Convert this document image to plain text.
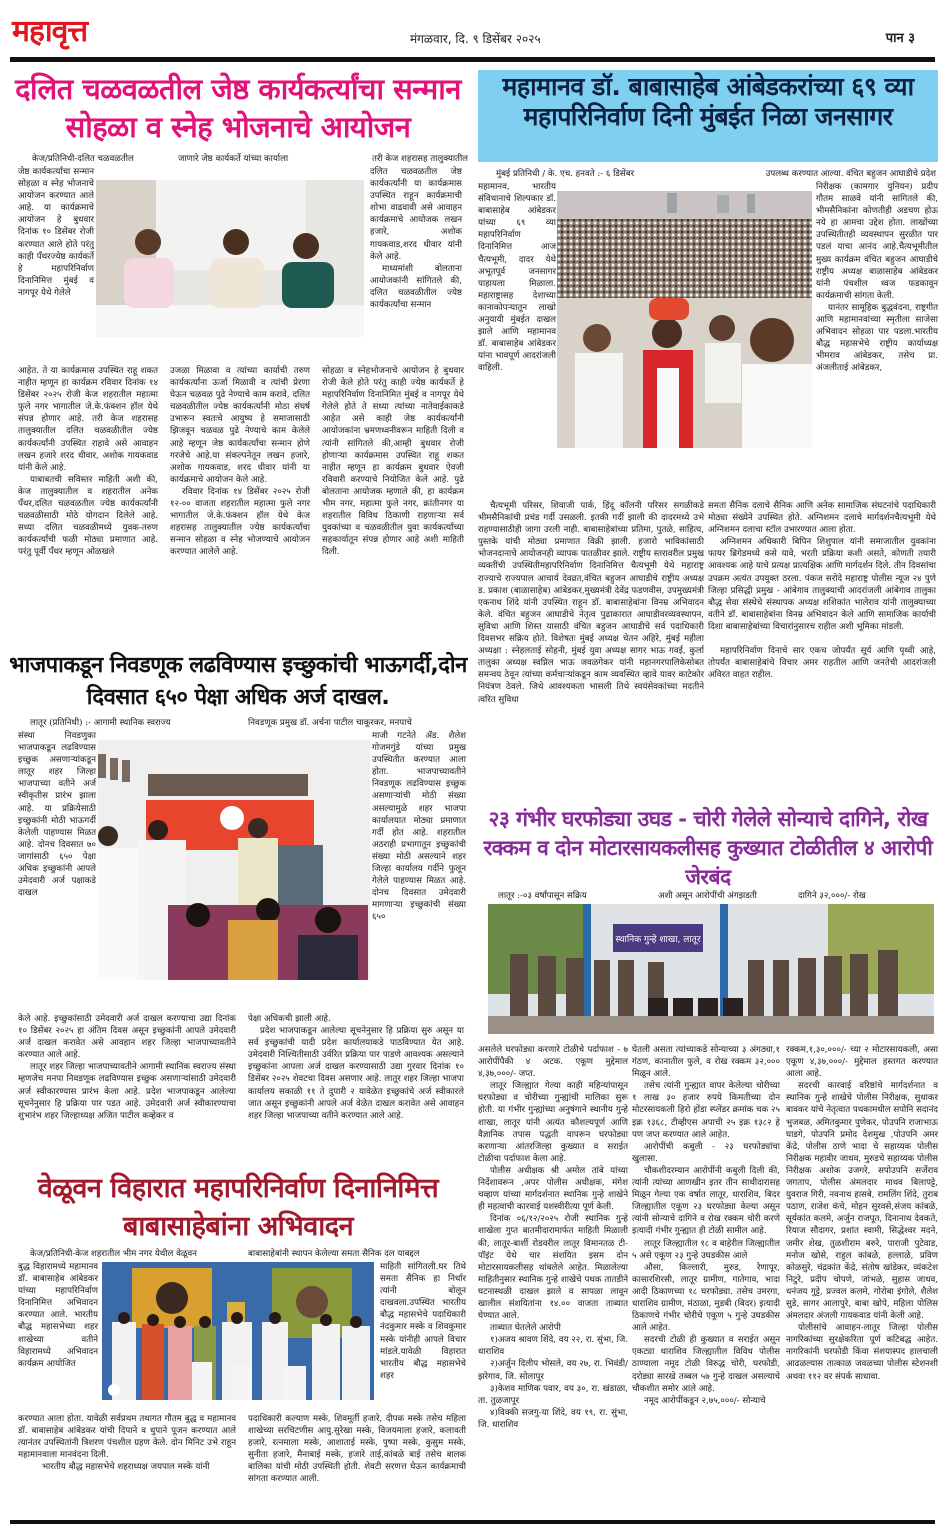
महावृत्त	मंगळवार, दि. ९ डिसेंबर २०२५	पान ३
दलित चळवळतील जेष्ठ कार्यकर्त्यांचा सन्मान सोहळा व स्नेह भोजनाचे आयोजन
केज/प्रतिनिधी-दलित चळवळतील	जाणारे जेष्ठ कार्यकर्ते यांच्या कार्याला	तरी केज शहरासह तालुक्यातील

जेष्ठ कार्यकर्त्यांचा सन्मान सोहळा व स्नेह भोजनाचे आयोजन करण्यात आले आहे. या कार्यक्रमाचे आयोजन हे बुधवार दिनांक १० डिसेंबर रोजी करण्यात आले होते परंतु काही पँथरज्येष्ठ कार्यकर्ते हे महापरिनिर्वाण दिनानिमित्त मुंबई व नागपूर येथे गेलेले

दलित चळवळतील जेष्ठ कार्यकर्त्यांनी या कार्यक्रमास उपस्थित राहून कार्यक्रमाची शोभा वाढवावी असे आवाहन कार्यक्रमाचे आयोजक लखन हजारे, अशोक गायकवाड,शरद धीवार यांनी केले आहे.

माध्यमांशी बोलताना आयोजकांनी सांगितले की, दलित चळवळीतील ज्येष्ठ कार्यकर्त्यांचा सन्मान

आहेत. ते या कार्यक्रमास उपस्थित राहू शकत नाहीत म्हणून हा कार्यक्रम रविवार दिनांक १४ डिसेंबर २०२५ रोजी केज शहरातील महात्मा फुले नगर भागातील जे.के.फंक्शन हॉल येथे संपन्न होणार आहे. तरी केज शहरासह तालुक्यातील दलित चळवळीतील ज्येष्ठ कार्यकर्त्यांनी उपस्थित राहावे असे आवाहन लखन हजारे शरद धीवार, अशोक गायकवाड यांनी केले आहे.

याबाबतची सविस्तर माहिती अशी की, केज तालुक्यातील व शहरातील अनेक पँथर,दलित चळवळतील ज्येष्ठ कार्यकर्त्यांनी चळवळीसाठी मोठे योगदान दिलेले आहे. सध्या दलित चळवळीमध्ये युवक-तरुण कार्यकर्त्यांची फळी मोठ्या प्रमाणात आहे. परंतु पूर्वी पँथर म्हणून ओळखले

उजळा मिळावा व त्यांच्या कार्याची तरुण कार्यकर्त्यांना ऊर्जा मिळावी व त्यांची प्रेरणा घेऊन चळवळ पुढे नेण्याचे काम करावे, दलित चळवळीतील ज्येष्ठ कार्यकर्त्यांनी मोठा संघर्ष उभारून स्वतःचे आयुष्य हे समाजासाठी झिजवून चळवळ पुढे नेण्याचे काम केलेले आहे म्हणून जेष्ठ कार्यकर्त्यांचा सन्मान होणे गरजेचे आहे.या संकल्पनेतून लखन हजारे, अशोक गायकवाड, शरद धीवार यांनी या कार्यक्रमाचे आयोजन केले आहे.

रविवार दिनांक १४ डिसेंबर २०२५ रोजी १२-०० वाजता शहरातील महात्मा फुले नगर भागातील जे.के.फंक्शन हॉल येथे केज शहरासह तालुक्यातील ज्येष्ठ कार्यकर्त्यांचा सन्मान सोहळा व स्नेह भोजण्याचे आयोजन करण्यात आलेले आहे.

सोहळा व स्नेहभोजनाचे आयोजन हे बुधवार रोजी केले होते परंतु काही ज्येष्ठ कार्यकर्ते हे महापरिनिर्वाण दिनानिमित मुंबई व नागपूर येथे गेलेले होते ते सध्या त्यांच्या नातेवाईकाकडे आहेत असे काही जेष्ठ कार्यकर्त्यांनी आयोजकांना भ्रमणध्वनीवरून माहिती दिली व त्यांनी सांगितले की,आम्ही बुधवार रोजी होणाऱ्या कार्यक्रमास उपस्थित राहू शकत नाहीत म्हणून हा कार्यक्रम बुधवार ऐवजी रविवारी करण्याचे नियोजित केले आहे. पुढे बोलताना आयोजक म्हणाले की, हा कार्यक्रम भीम नगर, महात्मा फुले नगर, क्रांतीनगर या शहरातील विविध ठिकाणी राहणाऱ्या सर्व युवकांच्या व चळवळीतील युवा कार्यकर्त्यांच्या सहकार्यातून संपन्न होणार आहे अशी माहिती दिली.

महामानव डॉ. बाबासाहेब आंबेडकरांच्या ६९ व्या महापरिनिर्वाण दिनी मुंबईत निळा जनसागर
मुंबई प्रतिनिधी / के. एच. हनवते :- ६ डिसेंबर	उपलब्ध करण्यात आल्या. वंचित बहुजन आघाडीचे प्रदेश

महामानव, भारतीय संविधानाचे शिल्पकार डॉ. बाबासाहेब आंबेडकर यांच्या ६९ व्या महापरिनिर्वाण दिनानिमित्त आज चैत्यभूमी, दादर येथे अभूतपूर्व जनसागर पाहायला मिळाला. महाराष्ट्रासह देशाच्या कानाकोपऱ्यातून लाखो अनुयायी मुंबईत दाखल झाले आणि महामानव डॉ. बाबासाहेब आंबेडकर यांना भावपूर्ण आदरांजली वाहिली.

निरीक्षक (कामगार युनियन) प्रदीप गौतम साळवे यांनी सांगितले की, भीमसैनिकांना कोणतीही अडचण होऊ नये हा आमचा उद्देश होता. लाखोंच्या उपस्थितीतही व्यवस्थापन सुरळीत पार पडलं याचा आनंद आहे.चैत्यभूमीतील मुख्य कार्यक्रम वंचित बहुजन आघाडीचे राष्ट्रीय अध्यक्ष बाळासाहेब आंबेडकर यांनी पंचशील ध्वज फडकावून कार्यक्रमाची सांगता केली.

यानंतर सामूहिक बुद्धवंदना, राष्ट्रगीत आणि महामानवांच्या स्मृतीला साजेसा अभिवादन सोहळा पार पडला.भारतीय बौद्ध महासभेचे राष्ट्रीय कार्याध्यक्ष भीमराव आंबेडकर, तसेच प्रा. अंजलीताई आंबेडकर,

चैत्यभूमी परिसर, शिवाजी पार्क, हिंदू कॉलनी परिसर सगळीकडे भीमसैनिकांची प्रचंड गर्दी उसळली. इतकी गर्दी झाली की दादरमध्ये उभे राहण्यासाठीही जागा उरली नाही. बाबासाहेबांच्या प्रतिमा, पुतळे, साहित्य, पुस्तके यांची मोठ्या प्रमाणात विक्री झाली. हजारो भाविकांसाठी भोजनदानाचे आयोजनही व्यापक पातळीवर झाले. राष्ट्रीय स्तरावरील प्रमुख व्यक्तींची उपस्थितीमहापरिनिर्वाण दिनानिमित्त चैत्यभूमी येथे महाराष्ट्र राज्याचे राज्यपाल आचार्य देवव्रत,वंचित बहुजन आघाडीचे राष्ट्रीय अध्यक्ष ड. प्रकाश (बाळासाहेब) आंबेडकर,मुख्यमंत्री देवेंद्र फडणवीस, उपमुख्यमंत्री एकनाथ शिंदे यांनी उपस्थित राहून डॉ. बाबासाहेबांना विनम्र अभिवादन केले. वंचित बहुजन आघाडीचे नेतृत्व पुढाकारात आघाडीवरव्यवस्थापन, सुविधा आणि शिस्त यासाठी वंचित बहुजन आघाडीचे सर्व पदाधिकारी दिवसभर सक्रिय होते. विशेषतः मुंबई अध्यक्ष चेतन अहिरे, मुंबई महीला अध्यक्षा : स्नेहलताई सोहनी, मुंबई युवा अध्यक्ष सागर भाऊ गवई, कुर्ला तालुका अध्यक्ष स्वप्निल भाऊ जवळगेकर यांनी महानगरपालिकेसोबत समन्वय ठेवून त्यांच्या कर्मचाऱ्यांकडून काम व्यवस्थित व्हावे यावर काटेकोर नियंत्रण ठेवले. जिथे आवश्यकता भासली तिथे स्वयंसेवकांच्या मदतीने त्वरित सुविधा

समता सैनिक दलाचे सैनिक आणि अनेक सामाजिक संघटनांचे पदाधिकारी मोठ्या संख्येने उपस्थित होते. अग्निशमन दलाचे मार्गदर्शनचैत्यभूमी येथे अग्निशमन दलाचा स्टॉल उभारण्यात आला होता.

अग्निशमन अधिकारी बिपिन शिशुपाल यांनी समाजातील युवकांना फायर ब्रिगेडमध्ये कसे यावे, भरती प्रक्रिया कशी असते, कोणती तयारी आवश्यक आहे याचे प्रत्यक्ष प्रात्यक्षिक आणि मार्गदर्शन दिले. तीन दिवसांचा उपक्रम अत्यंत उपयुक्त ठरला. पंकज सरोदे महाराष्ट्र पोलीस न्यूज २४ पुणे जिल्हा प्रसिद्धी प्रमुख - आंबेगाव तालुक्याची आदरांजली आंबेगाव तालुका बौद्ध सेवा संस्थेचे संस्थापक अध्यक्ष शशिकांत भालेराव यांनी तालुक्याच्या वतीने डॉ. बाबासाहेबांना विनम्र अभिवादन केले आणि सामाजिक कार्याची दिशा बाबासाहेबांच्या विचारांनुसारच राहील अशी भूमिका मांडली.

महापरिनिर्वाण दिनाचे सार एकच जोपर्यंत सूर्य आणि पृथ्वी आहे, तोपर्यंत बाबासाहेबांचे विचार अमर राहतील आणि जनतेची आदरांजली अविरत वाहत राहील.

भाजपाकडून निवडणूक लढविण्यास इच्छुकांची भाऊगर्दी,दोन दिवसात ६५० पेक्षा अधिक अर्ज दाखल.
लातूर (प्रतिनिधी) :- आगामी स्थानिक स्वराज्य	निवडणूक प्रमुख डॉ. अर्चना पाटील चाकूरकर, मनपाचे

संस्था निवडणुका भाजपाकडून लढविण्यास इच्छुक असणाऱ्यांकडून लातूर शहर जिल्हा भाजपाच्या वतीने अर्ज स्वीकृतीस प्रारंभ झाला आहे. या प्रक्रियेसाठी इच्छुकांनी मोठी भाऊगर्दी केलेली पाहण्यास मिळत आहे. दोनच दिवसात ७० जागांसाठी ६५० पेक्षा अधिक इच्छुकांनी आपले उमेदवारी अर्ज पक्षाकडे दाखल

माजी गटनेते ॲड. शैलेश गोजमगुंडे यांच्या प्रमुख उपस्थितीत करण्यात आला होता. भाजपाच्यावतीने निवडणूक लढविण्यास इच्छुक असणाऱ्यांची मोठी संख्या असल्यामुळे शहर भाजपा कार्यालयात मोठ्या प्रमाणात गर्दी होत आहे. शहरातील अठराही प्रभागातून इच्छुकांची संख्या मोठी असल्याने शहर जिल्हा कार्यालय गर्दीने फुलून गेलेले पाहण्यास मिळत आहे. दोनच दिवसात उमेदवारी मागणाऱ्या इच्छुकांची संख्या ६५०

केले आहे. इच्छुकांसाठी उमेदवारी अर्ज दाखल करण्याचा उद्या दिनांक १० डिसेंबर २०२५ हा अंतिम दिवस असून इच्छुकांनी आपले उमेदवारी अर्ज दाखल करावेत असे आवहान शहर जिल्हा भाजपाच्यावतीने करण्यात आले आहे.

लातूर शहर जिल्हा भाजपाच्यावतीने आगामी स्थानिक स्वराज्य संस्था म्हणजेच मनपा निवडणूक लढविण्यास इच्छुक असणाऱ्यांसाठी उमेदवारी अर्ज स्वीकारण्यास प्रारंभ केला आहे. प्रदेश भाजपाकडून आलेल्या सूचनेनुसार हि प्रक्रिया पार पडत आहे. उमेदवारी अर्ज स्वीकारण्याचा शुभारंभ शहर जिल्हाध्यक्ष अजित पाटील कव्हेकर व

पेक्षा अधिकची झाली आहे.

प्रदेश भाजपाकडून आलेल्या सूचनेनुसार हि प्रक्रिया सुरु असून या सर्व इच्छुकांची यादी प्रदेश कार्यालयाकडे पाठविण्यात येत आहे. उमेदवारी निश्चितीसाठी उर्वरित प्रक्रिया पार पाडणे आवश्यक असल्याने इच्छुकांना आपला अर्ज दाखल करण्यासाठी उद्या गुरवार दिनांक १० डिसेंबर २०२५ शेवटचा दिवस असणार आहे. लातूर शहर जिल्हा भाजपा कार्यालय सकाळी ११ ते दुपारी २ यावेळेत इच्छुकांचे अर्ज स्वीकारले जात असून इच्छुकांनी आपले अर्ज वेळेत दाखल करावेत असे आवाहन शहर जिल्हा भाजपाच्या वतीने करण्यात आले आहे.

२३ गंभीर घरफोड्या उघड - चोरी गेलेले सोन्याचे दागिने, रोख रक्कम व दोन मोटारसायकलीसह कुख्यात टोळीतील ४ आरोपी जेरबंद
लातूर :-०३ वर्षांपासून सक्रिय	अशी असून आरोपींची अंगझडती	दागिने ३२,०००/- रोख
स्थानिक गुन्हे शाखा, लातूर

असलेले घरफोड्या करणारे टोळीचे पर्दाफाश - ७ आरोपींपैकी ४ अटक. एकूण मुद्देमाल ४,३७,०००/- जप्त.

लातूर जिल्ह्यात गेल्या काही महिन्यांपासून घरफोड्या व चोरीच्या गुन्ह्यांची मालिका सुरू होती. या गंभीर गुन्ह्यांच्या अनुषंगाने स्थानीय गुन्हे शाखा, लातूर यांनी अत्यंत कौशल्यपूर्ण आणि वैज्ञानिक तपास पद्धती वापरून घरफोड्या करणाऱ्या आंतरजिल्हा कुख्यात व सराईत टोळीचा पर्दाफाश केला आहे.

पोलीस अधीक्षक श्री अमोल तांबे यांच्या निर्देशावरून ,अपर पोलीस अधीक्षक, मंगेश चव्हाण यांच्या मार्गदर्शनात स्थानिक गुन्हे शाखेने ही महत्वाची कारवाई यशस्वीरीत्या पूर्ण केली.

दिनांक ०६/१२/२०२५ रोजी स्थानिक गुन्हे शाखेला गुप्त बातमीदारामार्फत माहिती मिळाली की, लातूर-बार्शी रोडवरील लातूर विमानतळ टी-पॉइंट येथे चार संशयित इसम दोन मोटारसायकलीसह थांबलेले आहेत. मिळालेल्या माहितीनुसार स्थानिक गुन्हे शाखेचे पथक तातडीने घटनास्थळी दाखल झाले व सापळा लावून खालील संशयितांना १४.०० वाजता ताब्यात घेण्यात आले.

ताब्यात घेतलेले आरोपी

१)अजय श्रावण शिंदे, वय २२, रा. सुंभा, जि. धाराशिव

२)अर्जुन दिलीप भोसले, वय २७, रा. भिवंडी/झरेगाव, जि. सोलापूर

३)केशव माणिक पवार, वय ३०, रा. खंडाळा, ता. तुळजापूर

४)विक्की सजगु-या शिंदे, वय १९, रा. सुंभा, जि. धाराशिव

घेतली असता त्यांच्याकडे सोन्याच्या ३ अंगठ्या,१ गंठण, कानातील फुले, व रोख रक्कम ३२,००० मिळून आले.

तसेच त्यांनी गुन्ह्यात वापर केलेल्या चोरीच्या १ लाख ३० हजार रुपये किमतीच्या दोन मोटरसायकली हिरो होंडा स्प्लेंडर क्रमांक चक २५ इक्र १३६८, टीव्हीएस अपाची २५ इक्र १३८२ हे पण जप्त करण्यात आले आहेत.

आरोपींची कबुली - २३ घरफोड्यांचा खुलासा.

चौकशीदरम्यान आरोपींनी कबुली दिली की, त्यांनी त्यांच्या आणखीन इतर तीन साथीदारासह मिळून गेल्या एक वर्षात लातूर, धाराशिव, बिदर जिल्ह्यातील एकूण २३ घरफोड्या केल्या असून त्यांनी सोन्याचे दागिने व रोख रक्कम चोरी करणे इत्यादी गंभीर गुन्ह्यात ही टोळी सामील आहे.

लातूर जिल्ह्यातील १८ व बाहेरील जिल्ह्यातील ५ असे एकूण २३ गुन्हे उघडकीस आले

औसा, किल्लारी, मुरुड, रेणापूर, कासारशिरसी, लातूर ग्रामीण, गातेगाव, भादा आदी ठिकाणच्या १८ घरफोड्या. तसेच उमरगा, धाराशिव ग्रामीण, मंठाळा, मुडबी (बिदर) इत्यादी ठिकाणचे गंभीर चोरीचे एकूण ५ गुन्हे उघडकीस आले आहेत.

सदरची टोळी ही कुख्यात व सराईत असून एकट्या धाराशिव जिल्ह्यातील विविध पोलीस ठाण्याला नमूद टोळी विरुद्ध चोरी, घरफोडी, दरोड्या सारखे तब्बल ५७ गुन्हे दाखल असल्याचे चौकशीत समोर आले आहे.

नमूद आरोपींकडून २,७५,०००/- सोन्याचे

रक्कम,१,३०,०००/- च्या २ मोटारसायकली, असा एकूण ४,३७,०००/- मुद्देमाल हस्तगत करण्यात आला आहे.

सदरची कारवाई वरिष्ठांचे मार्गदर्शनात व स्थानिक गुन्हे शाखेचे पोलीस निरीक्षक, सुधाकर बावकर यांचे नेतृत्वात पथकामधील सपोनि सदानंद भुजबळ, अमितकुमार पुणेकर, पोउपनि राजाभाऊ घाडगे, पोउपनि प्रमोद देशमुख ,पोउपनि अमर केंद्रे, पोलीस ठाणे भादा चे सहाय्यक पोलीस निरीक्षक महावीर जाधव, मुरुडचे सहाय्यक पोलीस निरीक्षक अशोक उजगरे, सपोउपनि सर्जेराव जगताप, पोलीस अंमलदार माधव बिलापट्टे, युवराज गिरी, नवनाथ हासबे, रामलिंग शिंदे, तुराब पठाण, राजेश कंचे, मोहन सुरवसे,संजय कांबळे, सूर्यकांत कलमे, अर्जुन राजपूत, दिनानाथ देवकते, रियाज सौदागर, प्रशांत स्वामी, सिद्धेश्वर मदने, जमीर शेख, तुळशीराम बरुरे, पाराजी पुटेवाड, मनोज खोसे, राहुल कांबळे, हल्लाळे, प्रविण कोळसुरे, चंद्रकांत केंद्रे, संतोष खांडेकर, व्यंकटेश निटुरे, प्रदीप चोपणे, जांभळे, सुहास जाधव, धनंजय गुट्टे, प्रज्वल कलमे, गोरोबा इंगोले, शैलेश सुडे, सागर आलापुरे, बाबा खोपे, महिला पोलिस अंमलदार अंजली गायकवाड यांनी केली आहे.

पोलीसांचे आवाहन-लातूर जिल्हा पोलीस नागरिकांच्या सुरक्षेकरिता पूर्ण कटिबद्ध आहेत. नागरिकांनी घरफोडी किंवा संशयास्पद हालचाली आढळल्यास तात्काळ जवळच्या पोलीस स्टेशनशी अथवा ११२ वर संपर्क साधावा.

वेळूवन विहारात महापरिनिर्वाण दिनानिमित्त बाबासाहेबांना अभिवादन
केज/प्रतिनिधी-केज शहरातील भीम नगर येथील वेळूवन	बाबासाहेबांनी स्थापन केलेल्या समता सैनिक दल याबद्दल

बुद्ध विहारामध्ये महामानव डॉ. बाबासाहेब आंबेडकर यांच्या महापरिनिर्वाण दिनानिमित्त अभिवादन करण्यात आले. भारतीय बौद्ध महासभेच्या शहर शाखेच्या वतीने विहारामध्ये अभिवादन कार्यक्रम आयोजित

माहिती सांगितली.घर तिथे समता सैनिक हा निर्धार त्यांनी बोलून दाखवला.उपस्थित भारतीय बौद्ध महासभेचे पदाधिकारी नंदकुमार मस्के व शिवकुमार मस्के यांनीही आपले विचार मांडले.यावेळी विहारात भारतीय बौद्ध महासभेचे शहर

करण्यात आला होता. यावेळी सर्वप्रथम तथागत गौतम बुद्ध व महामानव डॉ. बाबासाहेब आंबेडकर यांची दिपाने व धुपाने पूजन करण्यात आले त्यानंतर उपस्थितांनी त्रिशरण पंचशील ग्रहण केले. दोन मिनिट उभे राहून महामानवाला मानवंदना दिली.

भारतीय बौद्ध महासभेचे शहराध्यक्ष जयपाल मस्के यांनी

पदाधिकारी कल्याण मस्के, शिवमूर्ती हजारे, दीपक मस्के तसेच महिला शाखेच्या सरचिटणीस आयु.सुरेखा मस्के, विजयमाला हजारे, कलावती हजारे, रत्नमाला मस्के, आशाताई मस्के, पुष्पा मस्के, कुसुम मस्के, सुनीता हजारे, मैनाबाई मस्के, हजारे ताई,कांबळे बाई तसेच बालक बालिका यांची मोठी उपस्थिती होती. शेवटी सरणत्त घेऊन कार्यक्रमाची सांगता करण्यात आली.
